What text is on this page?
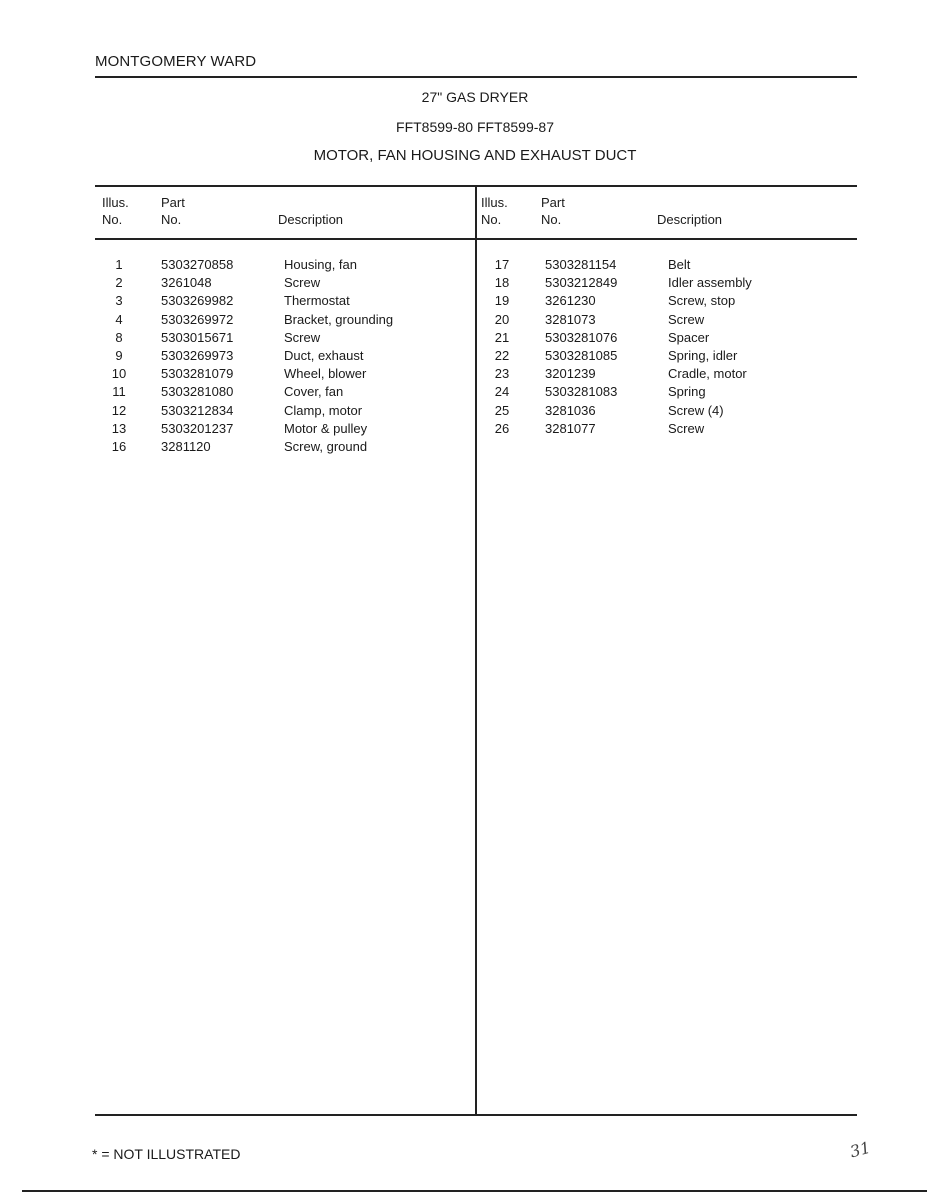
MONTGOMERY WARD
27" GAS DRYER
FFT8599-80 FFT8599-87
MOTOR, FAN HOUSING AND EXHAUST DUCT
Illus.
No.
Part
No.	Description
Illus.
No.
Part
No.	Description
1	5303270858	Housing, fan
2	3261048	Screw
3	5303269982	Thermostat
4	5303269972	Bracket, grounding
8	5303015671	Screw
9	5303269973	Duct, exhaust
10	5303281079	Wheel, blower
11	5303281080	Cover, fan
12	5303212834	Clamp, motor
13	5303201237	Motor & pulley
16	3281120	Screw, ground
17	5303281154	Belt
18	5303212849	Idler assembly
19	3261230	Screw, stop
20	3281073	Screw
21	5303281076	Spacer
22	5303281085	Spring, idler
23	3201239	Cradle, motor
24	5303281083	Spring
25	3281036	Screw (4)
26	3281077	Screw
* = NOT ILLUSTRATED	31
